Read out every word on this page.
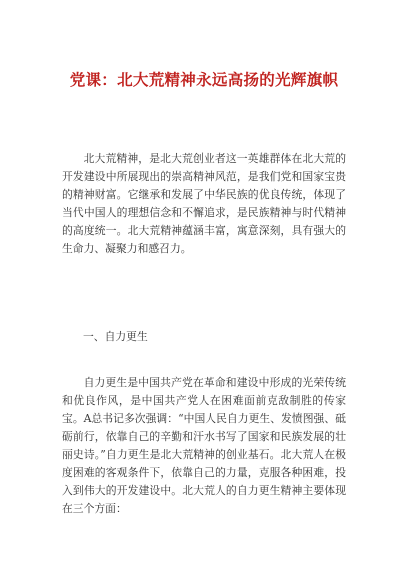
党课：北大荒精神永远高扬的光辉旗帜

北大荒精神，是北大荒创业者这一英雄群体在北大荒的开发建设中所展现出的崇高精神风范，是我们党和国家宝贵的精神财富。它继承和发展了中华民族的优良传统，体现了当代中国人的理想信念和不懈追求，是民族精神与时代精神的高度统一。北大荒精神蕴涵丰富，寓意深刻，具有强大的生命力、凝聚力和感召力。

一、自力更生

自力更生是中国共产党在革命和建设中形成的光荣传统和优良作风，是中国共产党人在困难面前克敌制胜的传家宝。A总书记多次强调：“中国人民自力更生、发愤图强、砥砺前行，依靠自己的辛勤和汗水书写了国家和民族发展的壮丽史诗。”自力更生是北大荒精神的创业基石。北大荒人在极度困难的客观条件下，依靠自己的力量，克服各种困难，投入到伟大的开发建设中。北大荒人的自力更生精神主要体现在三个方面：
